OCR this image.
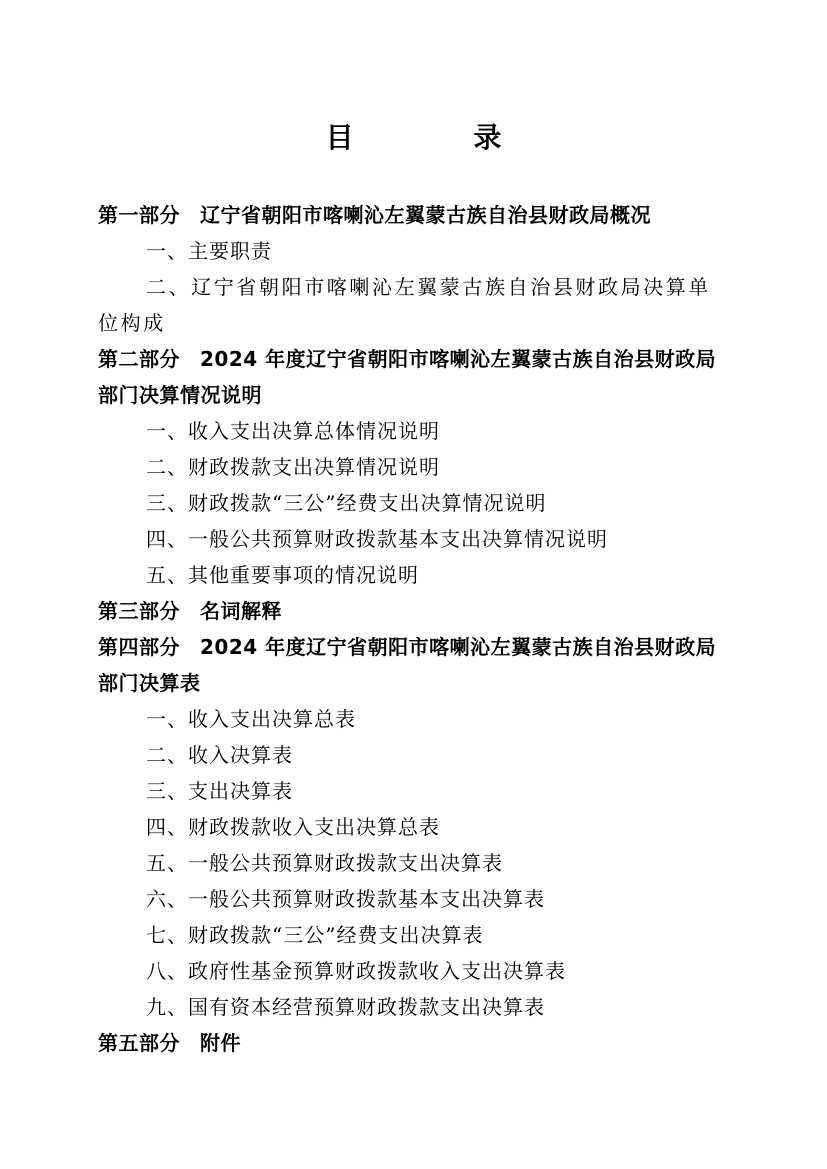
目 录
第一部分 辽宁省朝阳市喀喇沁左翼蒙古族自治县财政局概况
一、主要职责
二、辽宁省朝阳市喀喇沁左翼蒙古族自治县财政局决算单位构成
第二部分 2024 年度辽宁省朝阳市喀喇沁左翼蒙古族自治县财政局部门决算情况说明
一、收入支出决算总体情况说明
二、财政拨款支出决算情况说明
三、财政拨款“三公”经费支出决算情况说明
四、一般公共预算财政拨款基本支出决算情况说明
五、其他重要事项的情况说明
第三部分 名词解释
第四部分 2024 年度辽宁省朝阳市喀喇沁左翼蒙古族自治县财政局部门决算表
一、收入支出决算总表
二、收入决算表
三、支出决算表
四、财政拨款收入支出决算总表
五、一般公共预算财政拨款支出决算表
六、一般公共预算财政拨款基本支出决算表
七、财政拨款“三公”经费支出决算表
八、政府性基金预算财政拨款收入支出决算表
九、国有资本经营预算财政拨款支出决算表
第五部分 附件
